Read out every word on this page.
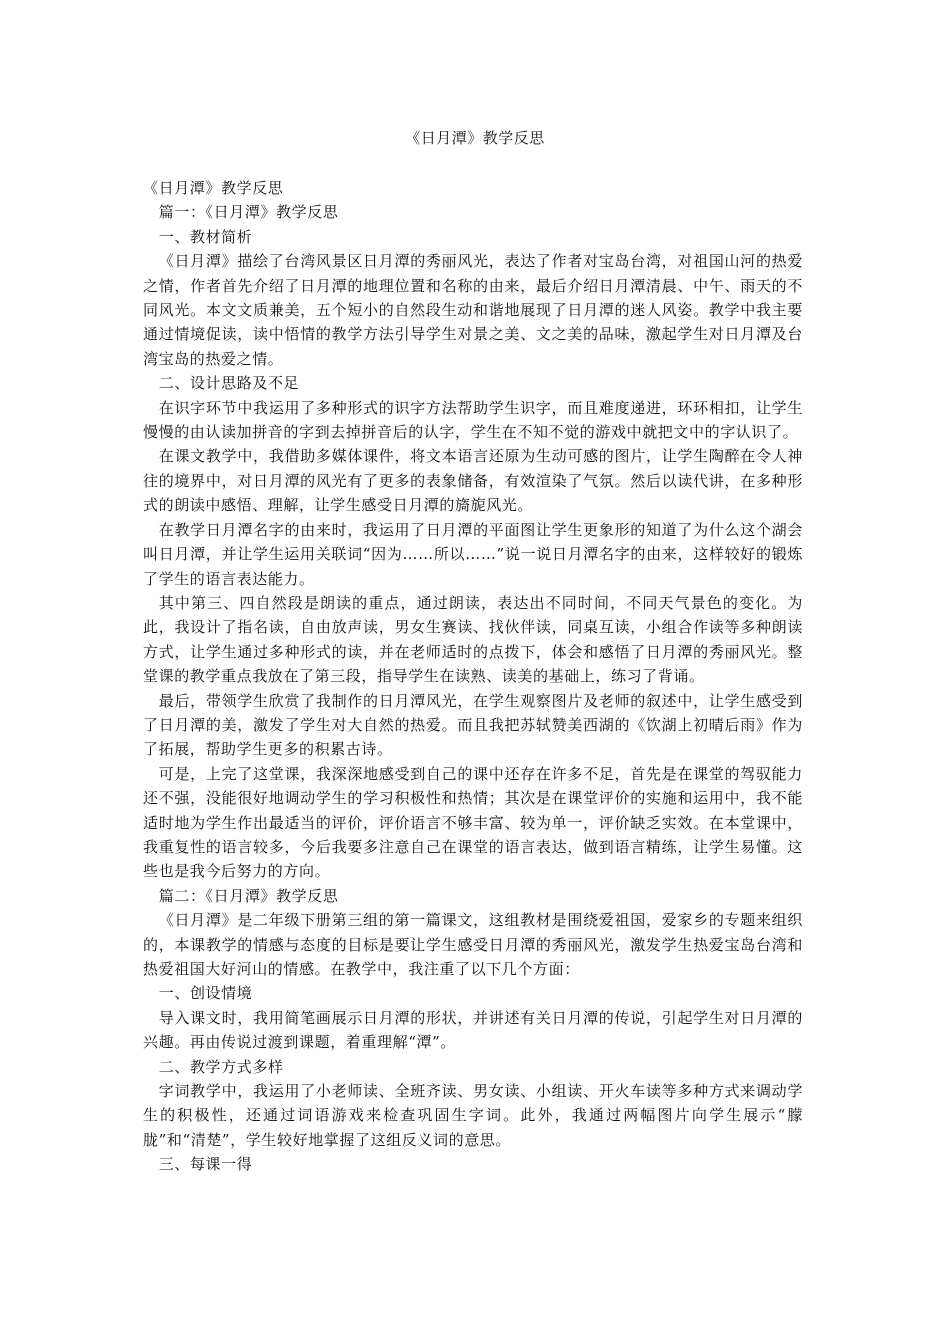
《日月潭》教学反思

《日月潭》教学反思

篇一：《日月潭》教学反思

一、教材简析

《日月潭》描绘了台湾风景区日月潭的秀丽风光，表达了作者对宝岛台湾，对祖国山河的热爱之情，作者首先介绍了日月潭的地理位置和名称的由来，最后介绍日月潭清晨、中午、雨天的不同风光。本文文质兼美，五个短小的自然段生动和谐地展现了日月潭的迷人风姿。教学中我主要通过情境促读，读中悟情的教学方法引导学生对景之美、文之美的品味，激起学生对日月潭及台湾宝岛的热爱之情。

二、设计思路及不足

在识字环节中我运用了多种形式的识字方法帮助学生识字，而且难度递进，环环相扣，让学生慢慢的由认读加拼音的字到去掉拼音后的认字，学生在不知不觉的游戏中就把文中的字认识了。

在课文教学中，我借助多媒体课件，将文本语言还原为生动可感的图片，让学生陶醉在令人神往的境界中，对日月潭的风光有了更多的表象储备，有效渲染了气氛。然后以读代讲，在多种形式的朗读中感悟、理解，让学生感受日月潭的旖旎风光。

在教学日月潭名字的由来时，我运用了日月潭的平面图让学生更象形的知道了为什么这个湖会叫日月潭，并让学生运用关联词“因为……所以……”说一说日月潭名字的由来，这样较好的锻炼了学生的语言表达能力。

其中第三、四自然段是朗读的重点，通过朗读，表达出不同时间，不同天气景色的变化。为此，我设计了指名读，自由放声读，男女生赛读、找伙伴读，同桌互读，小组合作读等多种朗读方式，让学生通过多种形式的读，并在老师适时的点拨下，体会和感悟了日月潭的秀丽风光。整堂课的教学重点我放在了第三段，指导学生在读熟、读美的基础上，练习了背诵。

最后，带领学生欣赏了我制作的日月潭风光，在学生观察图片及老师的叙述中，让学生感受到了日月潭的美，激发了学生对大自然的热爱。而且我把苏轼赞美西湖的《饮湖上初晴后雨》作为了拓展，帮助学生更多的积累古诗。

可是，上完了这堂课，我深深地感受到自己的课中还存在许多不足，首先是在课堂的驾驭能力还不强，没能很好地调动学生的学习积极性和热情；其次是在课堂评价的实施和运用中，我不能适时地为学生作出最适当的评价，评价语言不够丰富、较为单一，评价缺乏实效。在本堂课中，我重复性的语言较多，今后我要多注意自己在课堂的语言表达，做到语言精练，让学生易懂。这些也是我今后努力的方向。

篇二：《日月潭》教学反思

《日月潭》是二年级下册第三组的第一篇课文，这组教材是围绕爱祖国，爱家乡的专题来组织的，本课教学的情感与态度的目标是要让学生感受日月潭的秀丽风光，激发学生热爱宝岛台湾和热爱祖国大好河山的情感。在教学中，我注重了以下几个方面：

一、创设情境

导入课文时，我用简笔画展示日月潭的形状，并讲述有关日月潭的传说，引起学生对日月潭的兴趣。再由传说过渡到课题，着重理解“潭”。

二、教学方式多样

字词教学中，我运用了小老师读、全班齐读、男女读、小组读、开火车读等多种方式来调动学生的积极性，还通过词语游戏来检查巩固生字词。此外，我通过两幅图片向学生展示“朦胧”和“清楚”，学生较好地掌握了这组反义词的意思。

三、每课一得
